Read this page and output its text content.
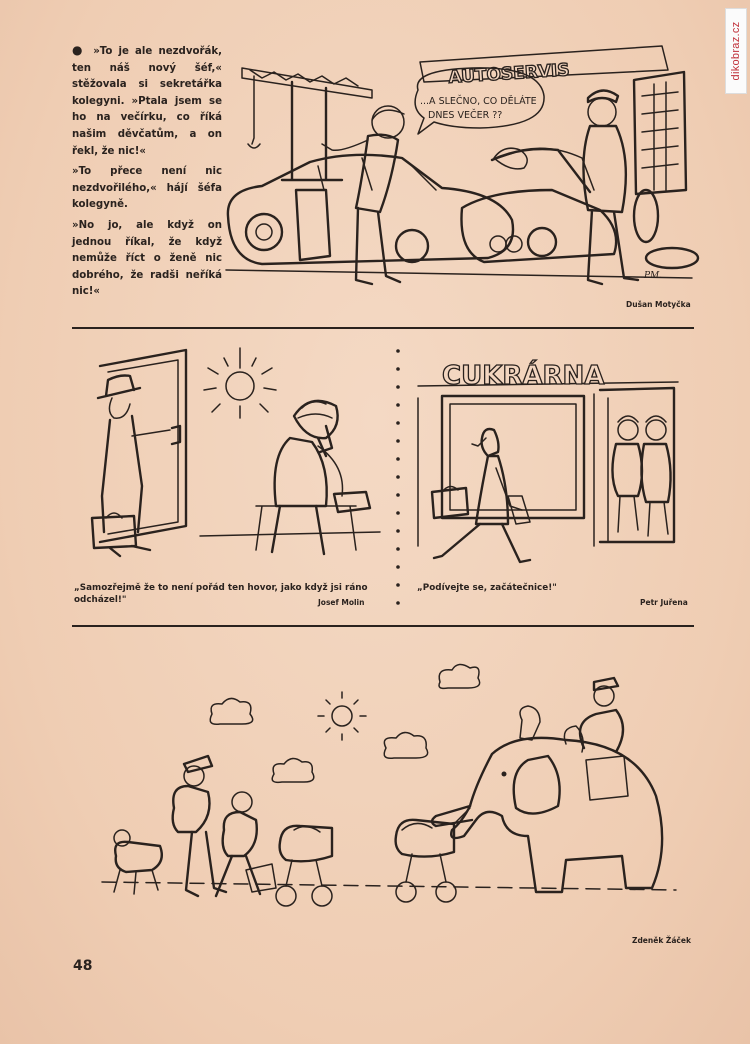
dikobraz.cz

● »To je ale nezdvořák, ten náš nový šéf,« stěžovala si sekretářka kolegyni. »Ptala jsem se ho na večírku, co říká našim děvčatům, a on řekl, že nic!«

»To přece není nic nezdvořilého,« hájí šéfa kolegyně.

»No jo, ale když on jednou říkal, že když nemůže říct o ženě nic dobrého, že radši neříká nic!«

AUTOSERVIS
...A SLEČNO, CO DĚLÁTE
DNES VEČER ??
PM.
Dušan Motyčka
„Samozřejmě že to není pořád ten hovor, jako když jsi ráno odcházel!"	Josef Molin
CUKRÁRNA
„Podívejte se, začátečnice!"
Petr Juřena
Zdeněk Žáček
48
